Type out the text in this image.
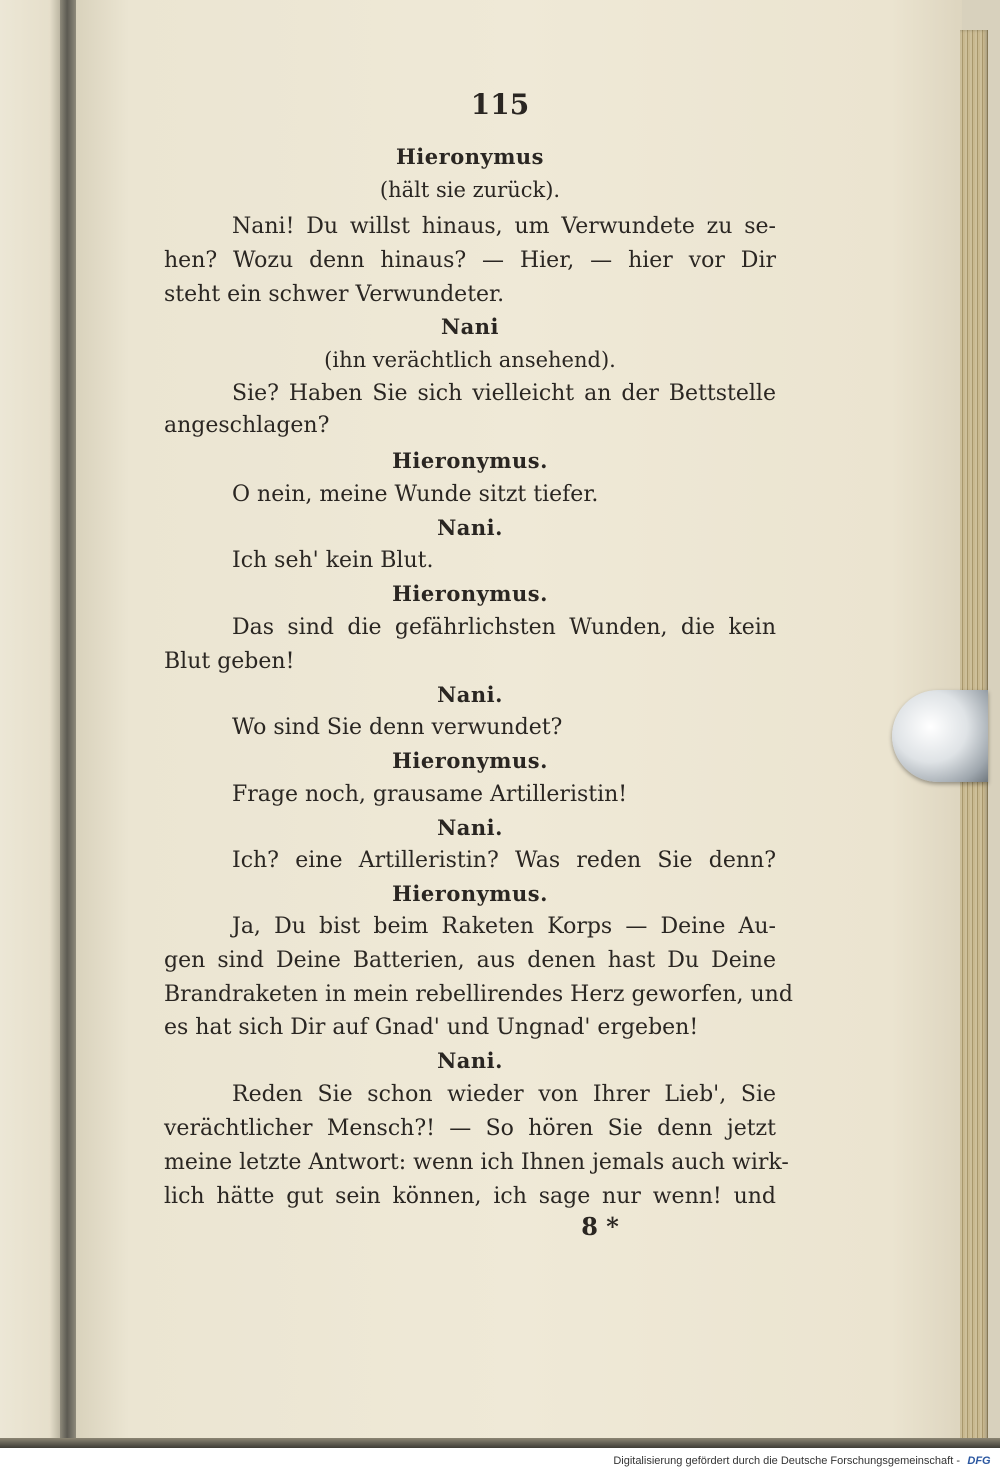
115

Hieronymus

(hält sie zurück).

Nani! Du willst hinaus, um Verwundete zu se-

hen? Wozu denn hinaus? — Hier, — hier vor Dir

steht ein schwer Verwundeter.

Nani

(ihn verächtlich ansehend).

Sie? Haben Sie sich vielleicht an der Bettstelle

angeschlagen?

Hieronymus.

O nein, meine Wunde sitzt tiefer.

Nani.

Ich seh' kein Blut.

Hieronymus.

Das sind die gefährlichsten Wunden, die kein

Blut geben!

Nani.

Wo sind Sie denn verwundet?

Hieronymus.

Frage noch, grausame Artilleristin!

Nani.

Ich? eine Artilleristin? Was reden Sie denn?

Hieronymus.

Ja, Du bist beim Raketen Korps — Deine Au-

gen sind Deine Batterien, aus denen hast Du Deine

Brandraketen in mein rebellirendes Herz geworfen, und

es hat sich Dir auf Gnad' und Ungnad' ergeben!

Nani.

Reden Sie schon wieder von Ihrer Lieb', Sie

verächtlicher Mensch?! — So hören Sie denn jetzt

meine letzte Antwort: wenn ich Ihnen jemals auch wirk-

lich hätte gut sein können, ich sage nur wenn! und

8 *
Digitalisierung gefördert durch die Deutsche Forschungsgemeinschaft - DFG
